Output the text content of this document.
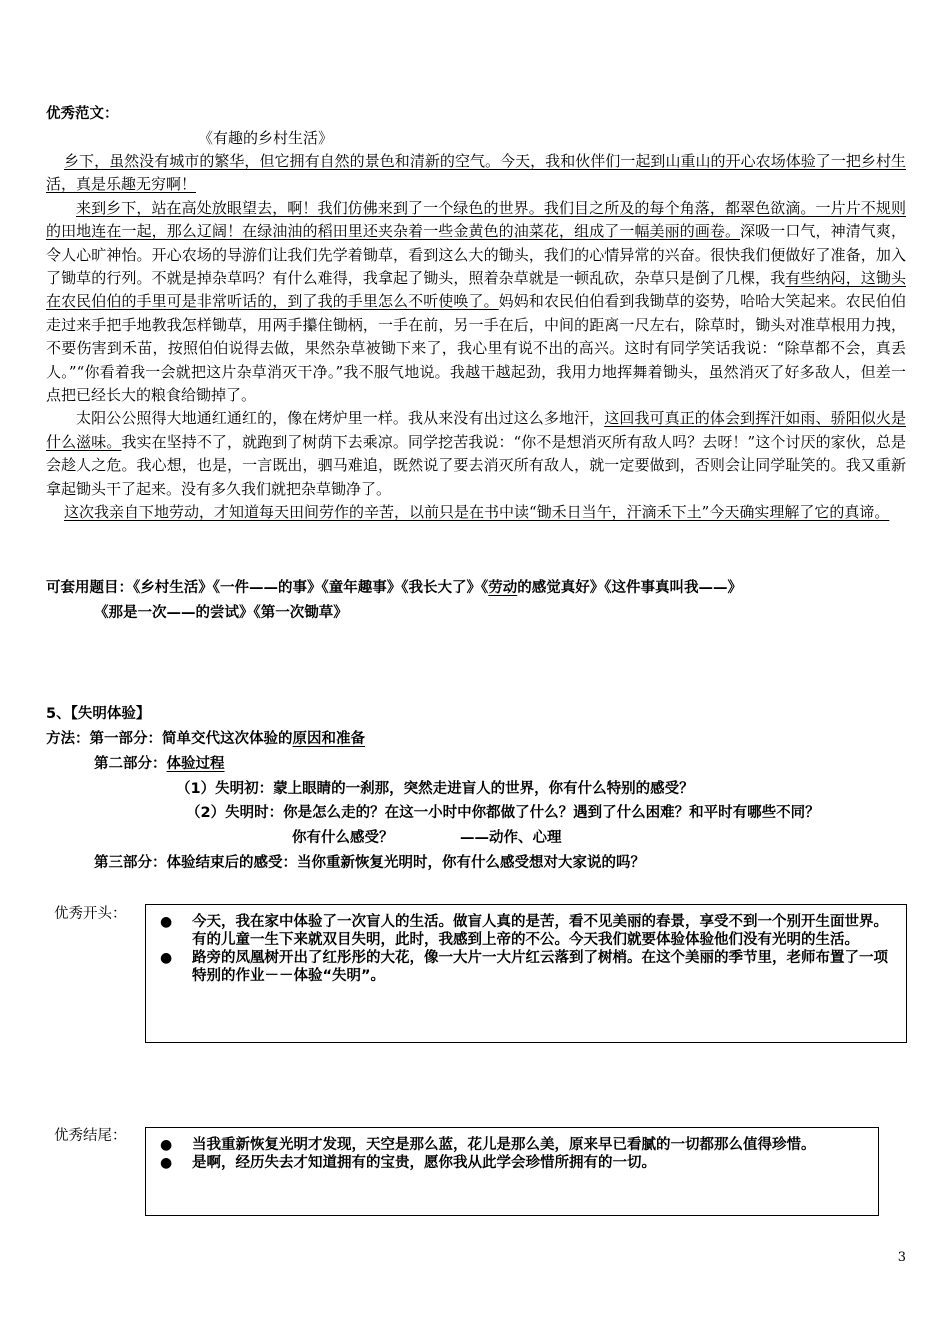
优秀范文：
《有趣的乡村生活》

乡下，虽然没有城市的繁华，但它拥有自然的景色和清新的空气。今天，我和伙伴们一起到山重山的开心农场体验了一把乡村生活，真是乐趣无穷啊！

来到乡下，站在高处放眼望去，啊！我们仿佛来到了一个绿色的世界。我们目之所及的每个角落，都翠色欲滴。一片片不规则的田地连在一起，那么辽阔！在绿油油的稻田里还夹杂着一些金黄色的油菜花，组成了一幅美丽的画卷。深吸一口气，神清气爽，令人心旷神怡。开心农场的导游们让我们先学着锄草，看到这么大的锄头，我们的心情异常的兴奋。很快我们便做好了准备，加入了锄草的行列。不就是掉杂草吗？有什么难得，我拿起了锄头，照着杂草就是一顿乱砍，杂草只是倒了几棵，我有些纳闷，这锄头在农民伯伯的手里可是非常听话的，到了我的手里怎么不听使唤了。妈妈和农民伯伯看到我锄草的姿势，哈哈大笑起来。农民伯伯走过来手把手地教我怎样锄草，用两手攥住锄柄，一手在前，另一手在后，中间的距离一尺左右，除草时，锄头对准草根用力拽，不要伤害到禾苗，按照伯伯说得去做，果然杂草被锄下来了，我心里有说不出的高兴。这时有同学笑话我说：“除草都不会，真丢人。”“你看着我一会就把这片杂草消灭干净。”我不服气地说。我越干越起劲，我用力地挥舞着锄头，虽然消灭了好多敌人，但差一点把已经长大的粮食给锄掉了。

太阳公公照得大地通红通红的，像在烤炉里一样。我从来没有出过这么多地汗，这回我可真正的体会到挥汗如雨、骄阳似火是什么滋味。我实在坚持不了，就跑到了树荫下去乘凉。同学挖苦我说：“你不是想消灭所有敌人吗？去呀！”这个讨厌的家伙，总是会趁人之危。我心想，也是，一言既出，驷马难追，既然说了要去消灭所有敌人，就一定要做到，否则会让同学耻笑的。我又重新拿起锄头干了起来。没有多久我们就把杂草锄净了。

这次我亲自下地劳动，才知道每天田间劳作的辛苦，以前只是在书中读“锄禾日当午，汗滴禾下土”今天确实理解了它的真谛。

可套用题目：《乡村生活》《一件——的事》《童年趣事》《我长大了》《劳动的感觉真好》《这件事真叫我——》
《那是一次——的尝试》《第一次锄草》
5、【失明体验】
方法：第一部分：简单交代这次体验的原因和准备
第二部分：体验过程
（1）失明初：蒙上眼睛的一刹那，突然走进盲人的世界，你有什么特别的感受？
（2）失明时：你是怎么走的？在这一小时中你都做了什么？遇到了什么困难？和平时有哪些不同？
你有什么感受？	——动作、心理
第三部分：体验结束后的感受：当你重新恢复光明时，你有什么感受想对大家说的吗？
优秀开头： ● 今天，我在家中体验了一次盲人的生活。做盲人真的是苦，看不见美丽的春景，享受不到一个别开生面世界。有的儿童一生下来就双目失明，此时，我感到上帝的不公。今天我们就要体验体验他们没有光明的生活。
● 路旁的凤凰树开出了红彤彤的大花，像一大片一大片红云落到了树梢。在这个美丽的季节里，老师布置了一项特别的作业－－体验“失明”。
优秀结尾：
● 当我重新恢复光明才发现，天空是那么蓝，花儿是那么美，原来早已看腻的一切都那么值得珍惜。
● 是啊，经历失去才知道拥有的宝贵，愿你我从此学会珍惜所拥有的一切。
3
